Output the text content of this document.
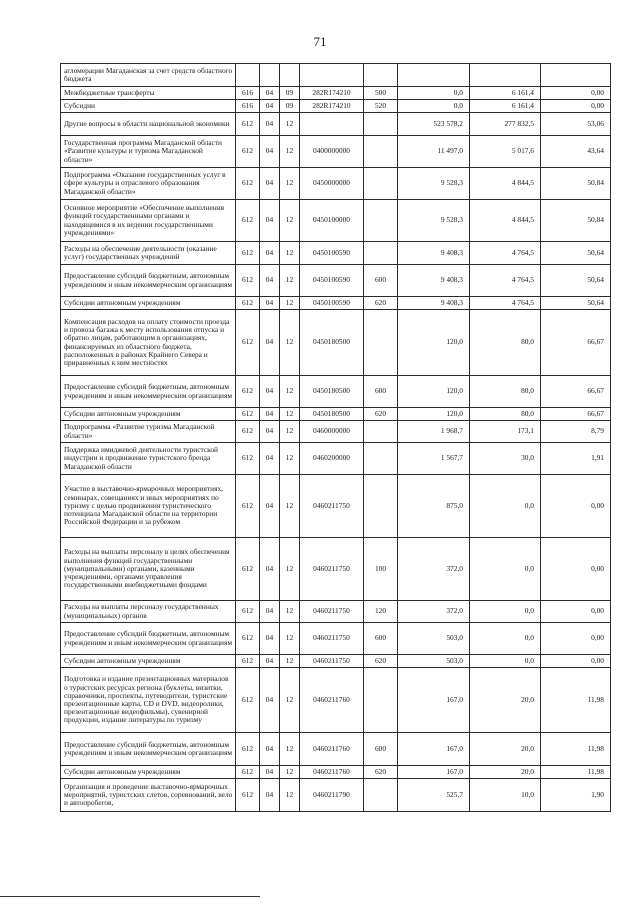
71
агломерации Магаданская за счет средств областного бюджета								
Межбюджетные трансферты	616	04	09	282R174210	500	0,0	6 161,4	0,00
Субсидии	616	04	09	282R174210	520	0,0	6 161,4	0,00
Другие вопросы в области национальной экономики	612	04	12			523 578,2	277 832,5	53,06
Государственная программа Магаданской области «Развитие культуры и туризма Магаданской области»	612	04	12	0400000000		11 497,0	5 017,6	43,64
Подпрограмма «Оказание государственных услуг в сфере культуры и отраслевого образования Магаданской области»	612	04	12	0450000000		9 528,3	4 844,5	50,84
Основное мероприятие «Обеспечение выполнения функций государственными органами и находящимися в их ведении государственными учреждениями»	612	04	12	0450100000		9 528,3	4 844,5	50,84
Расходы на обеспечение деятельности (оказание услуг) государственных учреждений	612	04	12	0450100590		9 408,3	4 764,5	50,64
Предоставление субсидий бюджетным, автономным учреждениям и иным некоммерческим организациям	612	04	12	0450100590	600	9 408,3	4 764,5	50,64
Субсидии автономным учреждениям	612	04	12	0450100590	620	9 408,3	4 764,5	50,64
Компенсация расходов на оплату стоимости проезда и провоза багажа к месту использования отпуска и обратно лицам, работающим в организациях, финансируемых из областного бюджета, расположенных в районах Крайнего Севера и приравненных к ним местностях	612	04	12	0450180500		120,0	80,0	66,67
Предоставление субсидий бюджетным, автономным учреждениям и иным некоммерческим организациям	612	04	12	0450180500	600	120,0	80,0	66,67
Субсидии автономным учреждениям	612	04	12	0450180500	620	120,0	80,0	66,67
Подпрограмма «Развитие туризма Магаданской области»	612	04	12	0460000000		1 968,7	173,1	8,79
Поддержка имиджевой деятельности туристской индустрии и продвижение туристского бренда Магаданской области	612	04	12	0460200000		1 567,7	30,0	1,91
Участие в выставочно-ярмарочных мероприятиях, семинарах, совещаниях и иных мероприятиях по туризму с целью продвижения туристического потенциала Магаданской области на территории Российской Федерации и за рубежом	612	04	12	0460211750		875,0	0,0	0,00
Расходы на выплаты персоналу в целях обеспечения выполнения функций государственными (муниципальными) органами, казенными учреждениями, органами управления государственными внебюджетными фондами	612	04	12	0460211750	100	372,0	0,0	0,00
Расходы на выплаты персоналу государственных (муниципальных) органов	612	04	12	0460211750	120	372,0	0,0	0,00
Предоставление субсидий бюджетным, автономным учреждениям и иным некоммерческим организациям	612	04	12	0460211750	600	503,0	0,0	0,00
Субсидии автономным учреждениям	612	04	12	0460211750	620	503,0	0,0	0,00
Подготовка и издание презентационных материалов о туристских ресурсах региона (буклеты, визитки, справочники, проспекты, путеводители, туристские презентационные карты, CD и DVD, видеоролики, презентационные видеофильмы), сувенирной продукции, издание литературы по туризму	612	04	12	0460211760		167,0	20,0	11,98
Предоставление субсидий бюджетным, автономным учреждениям и иным некоммерческим организациям	612	04	12	0460211760	600	167,0	20,0	11,98
Субсидии автономным учреждениям	612	04	12	0460211760	620	167,0	20,0	11,98
Организация и проведение выставочно-ярмарочных мероприятий, туристских слетов, соревнований, вело и автопробегов,	612	04	12	0460211790		525,7	10,0	1,90
